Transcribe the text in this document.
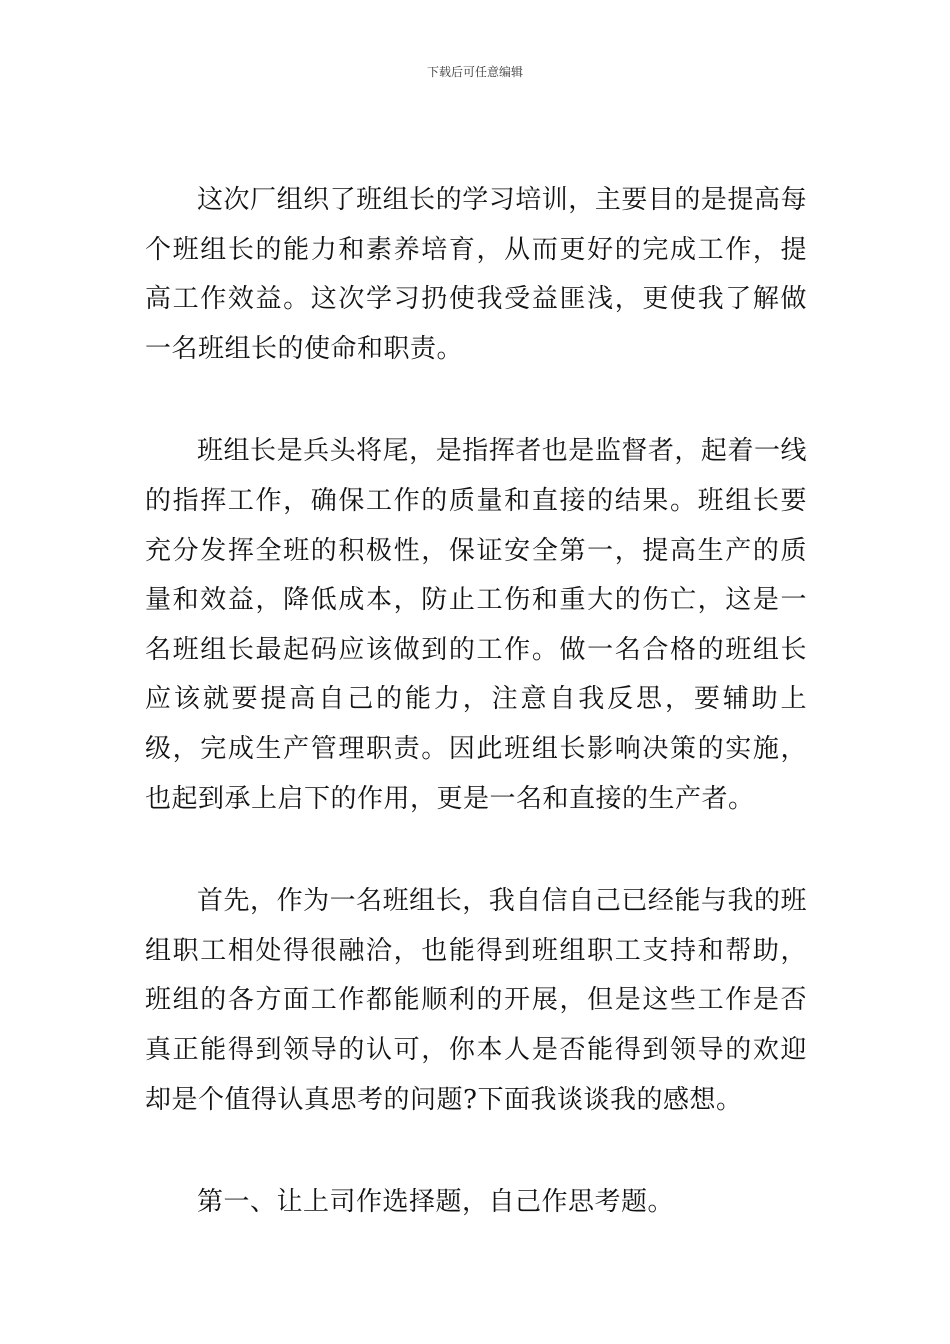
下载后可任意编辑

这次厂组织了班组长的学习培训，主要目的是提高每个班组长的能力和素养培育，从而更好的完成工作，提高工作效益。这次学习扔使我受益匪浅，更使我了解做一名班组长的使命和职责。

班组长是兵头将尾，是指挥者也是监督者，起着一线的指挥工作，确保工作的质量和直接的结果。班组长要充分发挥全班的积极性，保证安全第一，提高生产的质量和效益，降低成本，防止工伤和重大的伤亡，这是一名班组长最起码应该做到的工作。做一名合格的班组长应该就要提高自己的能力，注意自我反思，要辅助上级，完成生产管理职责。因此班组长影响决策的实施，也起到承上启下的作用，更是一名和直接的生产者。

首先，作为一名班组长，我自信自己已经能与我的班组职工相处得很融洽，也能得到班组职工支持和帮助，班组的各方面工作都能顺利的开展，但是这些工作是否真正能得到领导的认可，你本人是否能得到领导的欢迎却是个值得认真思考的问题?下面我谈谈我的感想。

第一、让上司作选择题，自己作思考题。
